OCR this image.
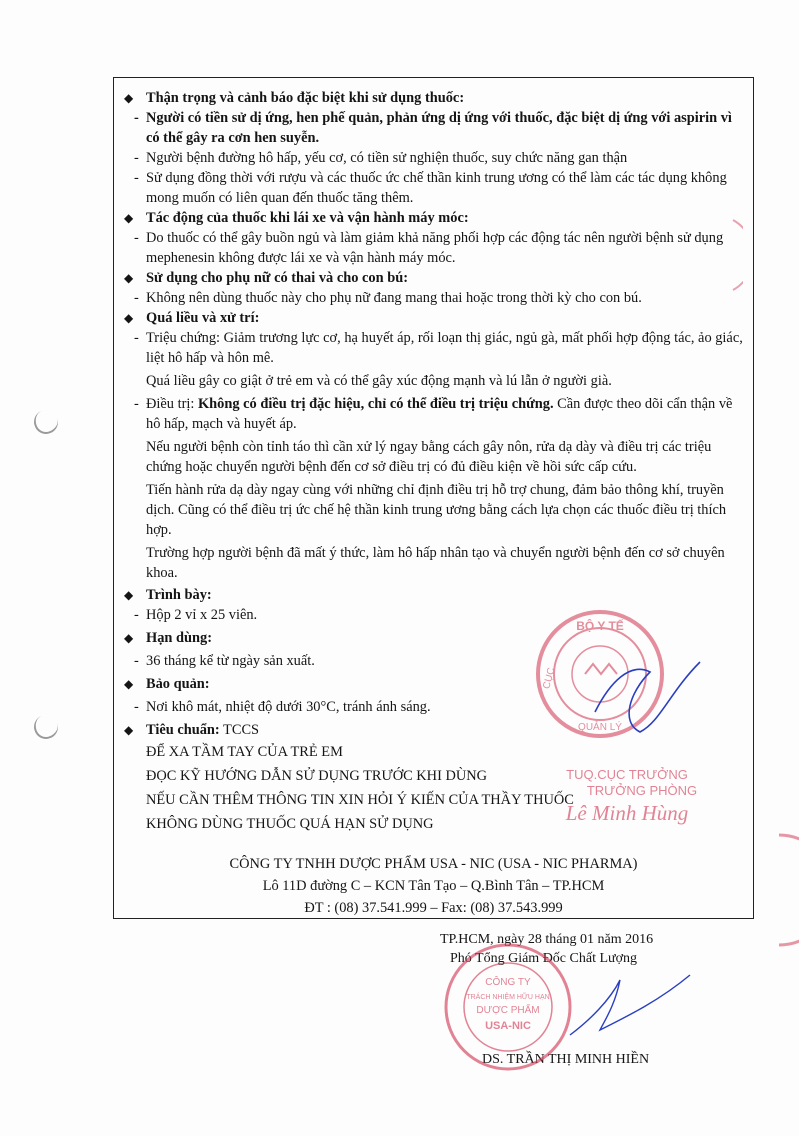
◆ Thận trọng và cảnh báo đặc biệt khi sử dụng thuốc:
- Người có tiền sử dị ứng, hen phế quản, phản ứng dị ứng với thuốc, đặc biệt dị ứng với aspirin vì có thể gây ra cơn hen suyễn.
- Người bệnh đường hô hấp, yếu cơ, có tiền sử nghiện thuốc, suy chức năng gan thận
- Sử dụng đồng thời với rượu và các thuốc ức chế thần kinh trung ương có thể làm các tác dụng không mong muốn có liên quan đến thuốc tăng thêm.
◆ Tác động của thuốc khi lái xe và vận hành máy móc:
- Do thuốc có thể gây buồn ngủ và làm giảm khả năng phối hợp các động tác nên người bệnh sử dụng mephenesin không được lái xe và vận hành máy móc.
◆ Sử dụng cho phụ nữ có thai và cho con bú:
- Không nên dùng thuốc này cho phụ nữ đang mang thai hoặc trong thời kỳ cho con bú.
◆ Quá liều và xử trí:
- Triệu chứng: Giảm trương lực cơ, hạ huyết áp, rối loạn thị giác, ngủ gà, mất phối hợp động tác, ảo giác, liệt hô hấp và hôn mê.
Quá liều gây co giật ở trẻ em và có thể gây xúc động mạnh và lú lẫn ở người già.
- Điều trị: Không có điều trị đặc hiệu, chỉ có thể điều trị triệu chứng. Cần được theo dõi cẩn thận về hô hấp, mạch và huyết áp.
Nếu người bệnh còn tỉnh táo thì cần xử lý ngay bằng cách gây nôn, rửa dạ dày và điều trị các triệu chứng hoặc chuyển người bệnh đến cơ sở điều trị có đủ điều kiện về hồi sức cấp cứu.
Tiến hành rửa dạ dày ngay cùng với những chỉ định điều trị hỗ trợ chung, đảm bảo thông khí, truyền dịch. Cũng có thể điều trị ức chế hệ thần kinh trung ương bằng cách lựa chọn các thuốc điều trị thích hợp.
Trường hợp người bệnh đã mất ý thức, làm hô hấp nhân tạo và chuyển người bệnh đến cơ sở chuyên khoa.
◆ Trình bày:
- Hộp 2 vỉ x 25 viên.
◆ Hạn dùng:
- 36 tháng kể từ ngày sản xuất.
◆ Bảo quản:
- Nơi khô mát, nhiệt độ dưới 30°C, tránh ánh sáng.
◆ Tiêu chuẩn: TCCS
ĐỂ XA TẦM TAY CỦA TRẺ EM
ĐỌC KỸ HƯỚNG DẪN SỬ DỤNG TRƯỚC KHI DÙNG
NẾU CẦN THÊM THÔNG TIN XIN HỎI Ý KIẾN CỦA THẦY THUỐC
KHÔNG DÙNG THUỐC QUÁ HẠN SỬ DỤNG
CÔNG TY TNHH DƯỢC PHẨM USA - NIC (USA - NIC PHARMA)
Lô 11D đường C – KCN Tân Tạo – Q.Bình Tân – TP.HCM
ĐT : (08) 37.541.999 – Fax: (08) 37.543.999
TP.HCM, ngày 28 tháng 01 năm 2016
Phó Tổng Giám Đốc Chất Lượng
DS. TRẦN THỊ MINH HIỀN
BỘ Y TẾ
CỤC
QUẢN LÝ
TUQ.CỤC TRƯỞNG
TRƯỞNG PHÒNG
Lê Minh Hùng
CÔNG TY
TRÁCH NHIỆM HỮU HẠN
DƯỢC PHẨM
USA-NIC
